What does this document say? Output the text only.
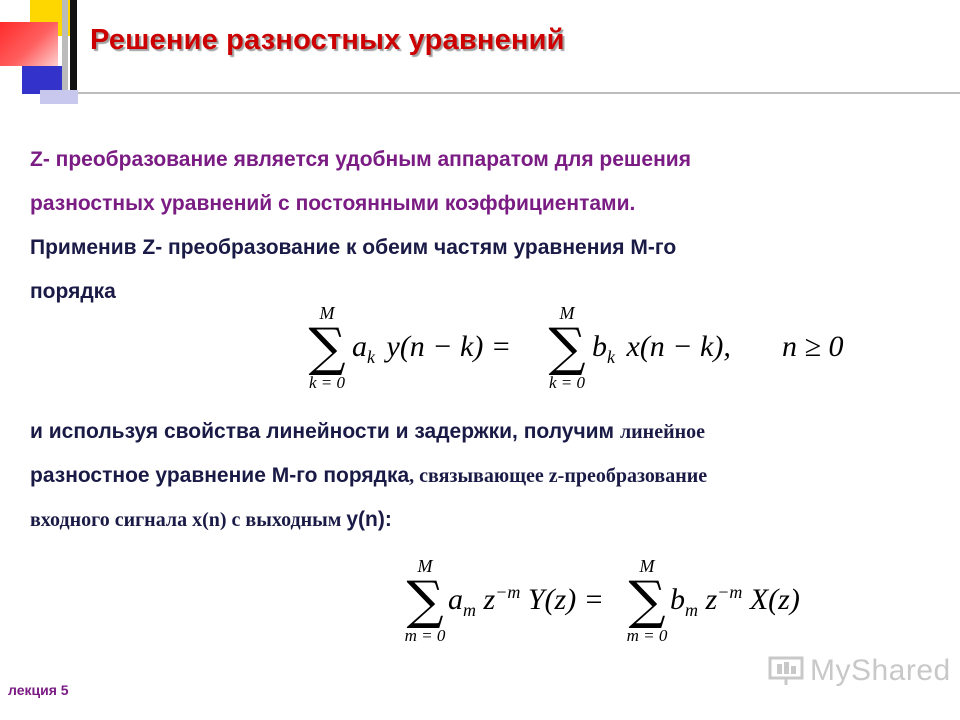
Решение разностных уравнений
Z- преобразование является удобным аппаратом для решения
разностных уравнений с постоянными коэффициентами.
Применив Z- преобразование к обеим частям уравнения М-го
порядка
M
∑
k = 0
$a_k$ y(n − k) =
M
∑
k = 0
$b_k$ x(n − k), n ≥ 0
и используя свойства линейности и задержки, получим линейное
разностное уравнение М-го порядка, связывающее z-преобразование
входного сигнала x(n) с выходным y(n):
M
∑
m = 0
$a_m$ $z^{-m}$ Y(z) =
M
∑
m = 0
$b_m$ $z^{-m}$ X(z)
лекция 5
MyShared
